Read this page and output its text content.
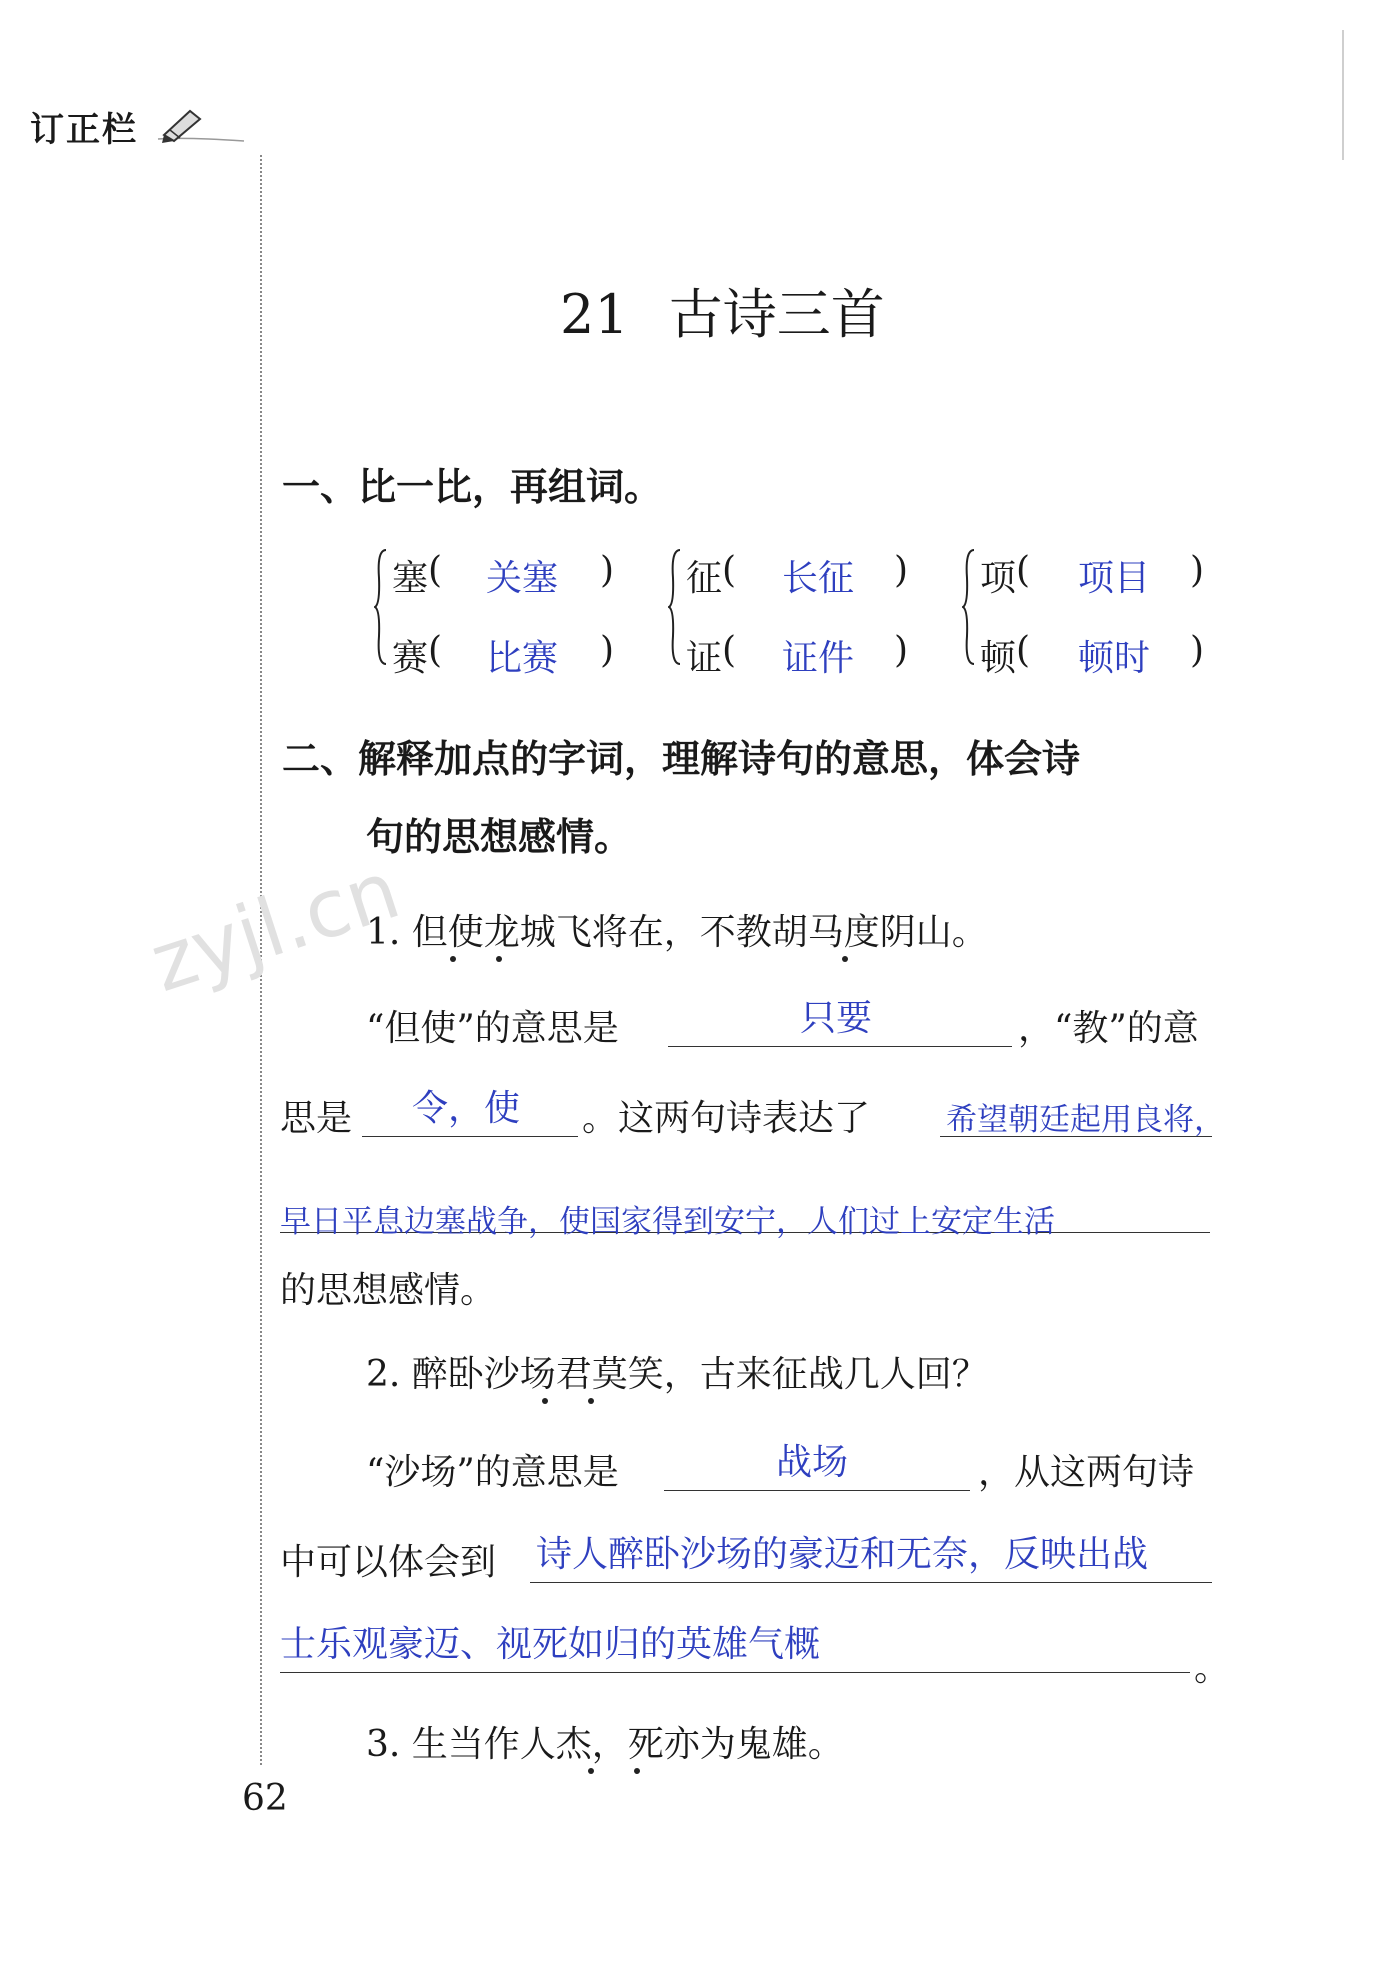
订正栏
zyjl.cn
21 古诗三首
一、比一比，再组词。
塞 ( 关塞 )
赛 ( 比赛 )
征 ( 长征 )
证 ( 证件 )
项 ( 项目 )
顿 ( 顿时 )
二、解释加点的字词，理解诗句的意思，体会诗
句的思想感情。
1. 但使龙城飞将在，不教胡马度阴山。
“但使”的意思是	只要	，“教”的意
思是 令，使 。这两句诗表达了 希望朝廷起用良将，
早日平息边塞战争，使国家得到安宁，人们过上安定生活
的思想感情。
2. 醉卧沙场君莫笑，古来征战几人回？
“沙场”的意思是	战场	，从这两句诗
中可以体会到 诗人醉卧沙场的豪迈和无奈，反映出战
士乐观豪迈、视死如归的英雄气概
。
3. 生当作人杰，死亦为鬼雄。
62
